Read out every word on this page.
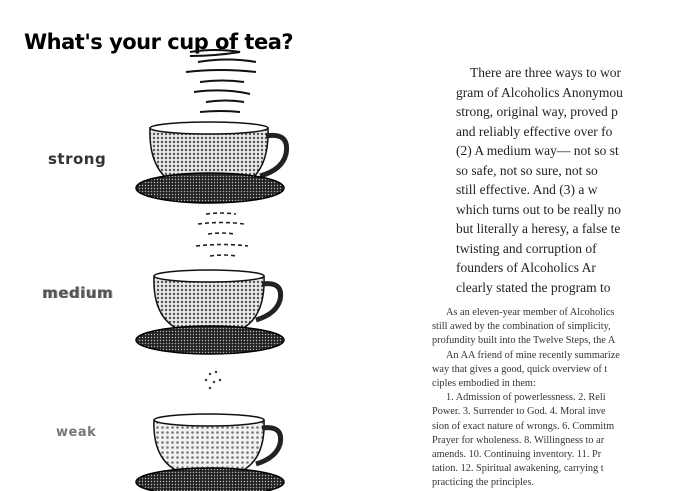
What's your cup of tea?
strong
medium
weak
There are three ways to wor
gram of Alcoholics Anonymou
strong, original way, proved p
and reliably effective over fo
(2) A medium way— not so st
so safe, not so sure, not so
still effective. And (3) a w
which turns out to be really no
but literally a heresy, a false te
twisting and corruption of
founders of Alcoholics Ar
clearly stated the program to
As an eleven-year member of Alcoholics
still awed by the combination of simplicity,
profundity built into the Twelve Steps, the A
An AA friend of mine recently summarize
way that gives a good, quick overview of t
ciples embodied in them:
1. Admission of powerlessness. 2. Reli
Power. 3. Surrender to God. 4. Moral inve
sion of exact nature of wrongs. 6. Commitm
Prayer for wholeness. 8. Willingness to ar
amends. 10. Continuing inventory. 11. Pr
tation. 12. Spiritual awakening, carrying t
practicing the principles.
